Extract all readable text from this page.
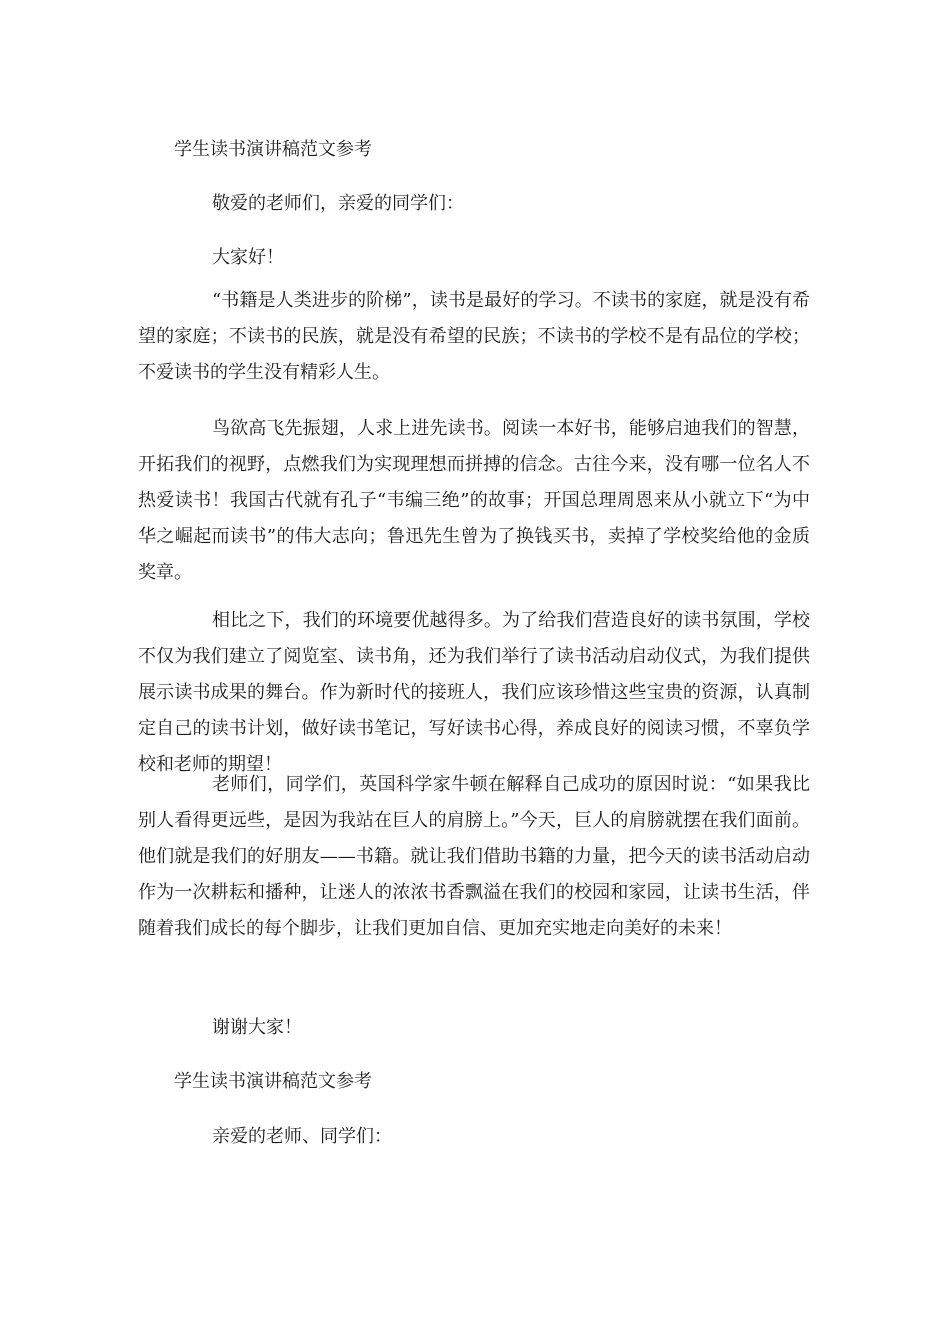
学生读书演讲稿范文参考
敬爱的老师们，亲爱的同学们：
大家好！

“书籍是人类进步的阶梯”，读书是最好的学习。不读书的家庭，就是没有希望的家庭；不读书的民族，就是没有希望的民族；不读书的学校不是有品位的学校；不爱读书的学生没有精彩人生。

鸟欲高飞先振翅，人求上进先读书。阅读一本好书，能够启迪我们的智慧，开拓我们的视野，点燃我们为实现理想而拼搏的信念。古往今来，没有哪一位名人不热爱读书！我国古代就有孔子“韦编三绝”的故事；开国总理周恩来从小就立下“为中华之崛起而读书”的伟大志向；鲁迅先生曾为了换钱买书，卖掉了学校奖给他的金质奖章。

相比之下，我们的环境要优越得多。为了给我们营造良好的读书氛围，学校不仅为我们建立了阅览室、读书角，还为我们举行了读书活动启动仪式，为我们提供展示读书成果的舞台。作为新时代的接班人，我们应该珍惜这些宝贵的资源，认真制定自己的读书计划，做好读书笔记，写好读书心得，养成良好的阅读习惯，不辜负学校和老师的期望！

老师们，同学们，英国科学家牛顿在解释自己成功的原因时说：“如果我比别人看得更远些，是因为我站在巨人的肩膀上。”今天，巨人的肩膀就摆在我们面前。他们就是我们的好朋友——书籍。就让我们借助书籍的力量，把今天的读书活动启动作为一次耕耘和播种，让迷人的浓浓书香飘溢在我们的校园和家园，让读书生活，伴随着我们成长的每个脚步，让我们更加自信、更加充实地走向美好的未来！

谢谢大家！
学生读书演讲稿范文参考
亲爱的老师、同学们：
